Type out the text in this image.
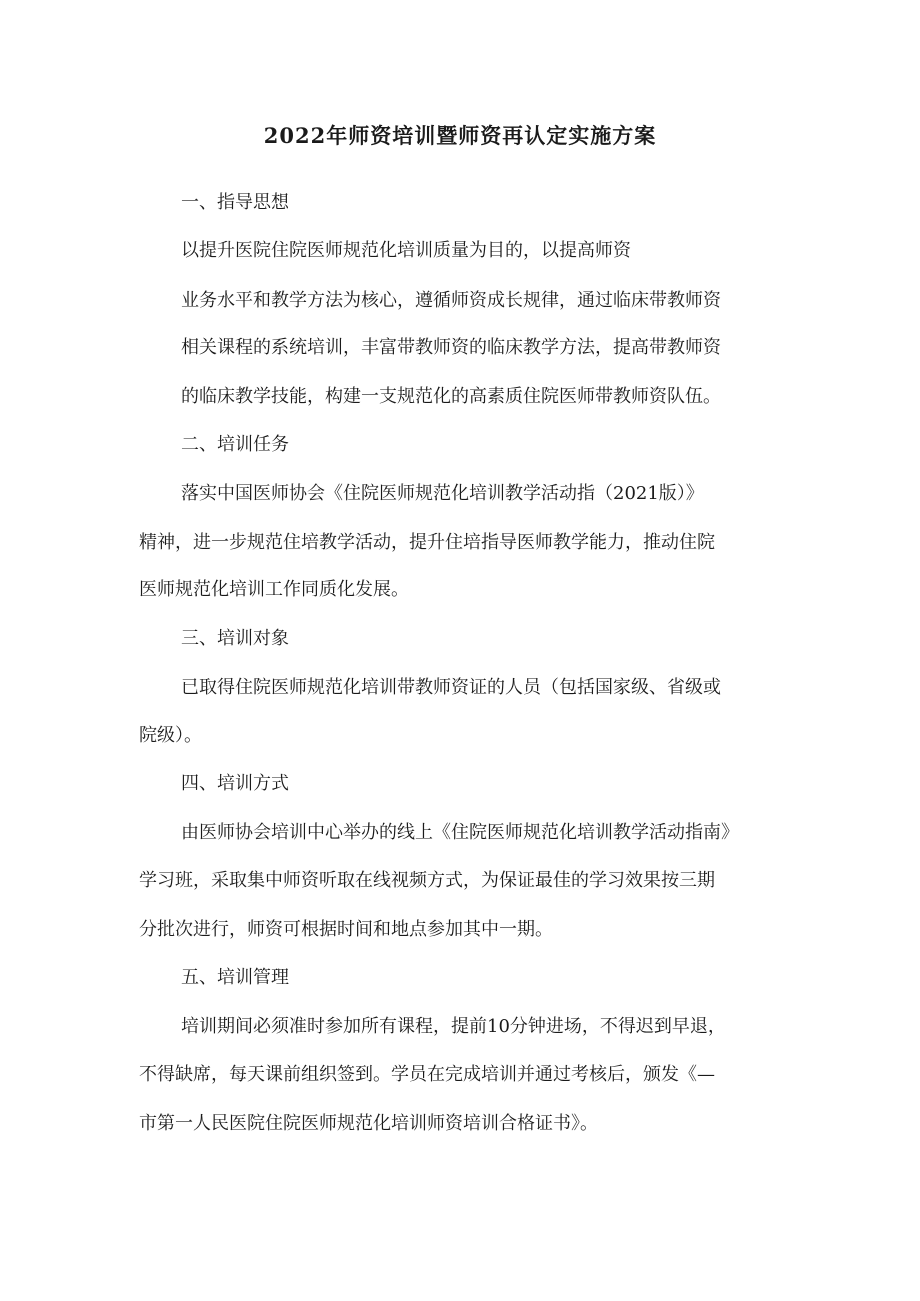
2022年师资培训暨师资再认定实施方案
一、指导思想
以提升医院住院医师规范化培训质量为目的，以提高师资
业务水平和教学方法为核心，遵循师资成长规律，通过临床带教师资
相关课程的系统培训，丰富带教师资的临床教学方法，提高带教师资
的临床教学技能，构建一支规范化的高素质住院医师带教师资队伍。
二、培训任务
落实中国医师协会《住院医师规范化培训教学活动指（2021版）》
精神，进一步规范住培教学活动，提升住培指导医师教学能力，推动住院
医师规范化培训工作同质化发展。
三、培训对象
已取得住院医师规范化培训带教师资证的人员（包括国家级、省级或
院级）。
四、培训方式
由医师协会培训中心举办的线上《住院医师规范化培训教学活动指南》
学习班，采取集中师资听取在线视频方式，为保证最佳的学习效果按三期
分批次进行，师资可根据时间和地点参加其中一期。
五、培训管理
培训期间必须准时参加所有课程，提前10分钟进场，不得迟到早退，
不得缺席，每天课前组织签到。学员在完成培训并通过考核后，颁发《—
市第一人民医院住院医师规范化培训师资培训合格证书》。
